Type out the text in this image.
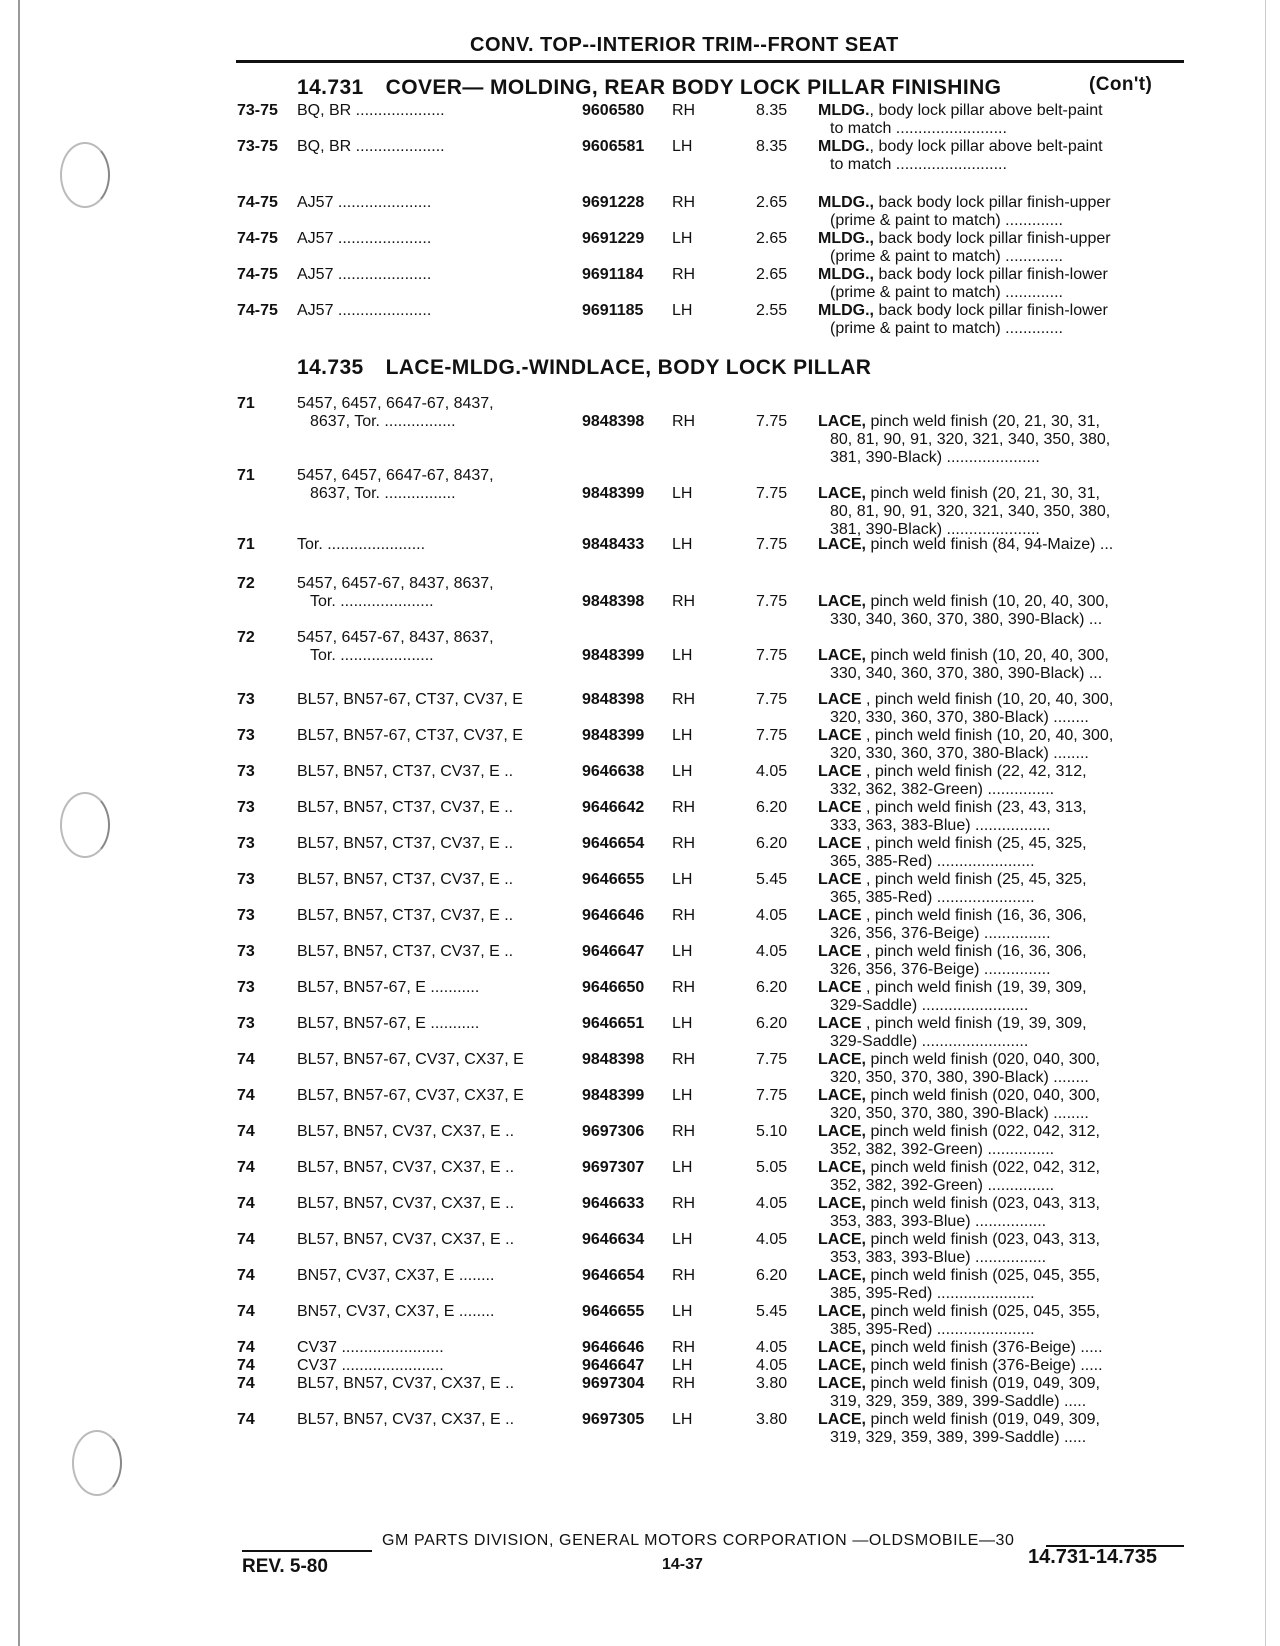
CONV. TOP--INTERIOR TRIM--FRONT SEAT
14.731 COVER— MOLDING, REAR BODY LOCK PILLAR FINISHING	(Con't)
14.735 LACE-MLDG.-WINDLACE, BODY LOCK PILLAR
73-75 BQ, BR ....................	9606580 RH	8.35 MLDG., body lock pillar above belt-paint
to match .........................
73-75 BQ, BR ....................	9606581 LH	8.35 MLDG., body lock pillar above belt-paint
to match .........................
74-75 AJ57 .....................	9691228 RH	2.65 MLDG., back body lock pillar finish-upper
(prime & paint to match) .............
74-75 AJ57 .....................	9691229 LH	2.65 MLDG., back body lock pillar finish-upper
(prime & paint to match) .............
74-75 AJ57 .....................	9691184 RH	2.65 MLDG., back body lock pillar finish-lower
(prime & paint to match) .............
74-75 AJ57 .....................	9691185 LH	2.55 MLDG., back body lock pillar finish-lower
(prime & paint to match) .............
71	5457, 6457, 6647-67, 8437,
8637, Tor. ................	9848398 RH	7.75 LACE, pinch weld finish (20, 21, 30, 31,
80, 81, 90, 91, 320, 321, 340, 350, 380,
381, 390-Black) .....................
71	5457, 6457, 6647-67, 8437,
8637, Tor. ................	9848399 LH	7.75 LACE, pinch weld finish (20, 21, 30, 31,
80, 81, 90, 91, 320, 321, 340, 350, 380,
381, 390-Black) .....................
71	Tor. ......................	9848433 LH	7.75 LACE, pinch weld finish (84, 94-Maize) ...
72	5457, 6457-67, 8437, 8637,
Tor. .....................	9848398 RH	7.75 LACE, pinch weld finish (10, 20, 40, 300,
330, 340, 360, 370, 380, 390-Black) ...
72	5457, 6457-67, 8437, 8637,
Tor. .....................	9848399 LH	7.75 LACE, pinch weld finish (10, 20, 40, 300,
330, 340, 360, 370, 380, 390-Black) ...
73	BL57, BN57-67, CT37, CV37, E	9848398 RH	7.75 LACE , pinch weld finish (10, 20, 40, 300,
320, 330, 360, 370, 380-Black) ........
73	BL57, BN57-67, CT37, CV37, E	9848399 LH	7.75 LACE , pinch weld finish (10, 20, 40, 300,
320, 330, 360, 370, 380-Black) ........
73	BL57, BN57, CT37, CV37, E ..	9646638 LH	4.05 LACE , pinch weld finish (22, 42, 312,
332, 362, 382-Green) ...............
73	BL57, BN57, CT37, CV37, E ..	9646642 RH	6.20 LACE , pinch weld finish (23, 43, 313,
333, 363, 383-Blue) .................
73	BL57, BN57, CT37, CV37, E ..	9646654 RH	6.20 LACE , pinch weld finish (25, 45, 325,
365, 385-Red) ......................
73	BL57, BN57, CT37, CV37, E ..	9646655 LH	5.45 LACE , pinch weld finish (25, 45, 325,
365, 385-Red) ......................
73	BL57, BN57, CT37, CV37, E ..	9646646 RH	4.05 LACE , pinch weld finish (16, 36, 306,
326, 356, 376-Beige) ...............
73	BL57, BN57, CT37, CV37, E ..	9646647 LH	4.05 LACE , pinch weld finish (16, 36, 306,
326, 356, 376-Beige) ...............
73	BL57, BN57-67, E ...........	9646650 RH	6.20 LACE , pinch weld finish (19, 39, 309,
329-Saddle) ........................
73	BL57, BN57-67, E ...........	9646651 LH	6.20 LACE , pinch weld finish (19, 39, 309,
329-Saddle) ........................
74	BL57, BN57-67, CV37, CX37, E	9848398 RH	7.75 LACE, pinch weld finish (020, 040, 300,
320, 350, 370, 380, 390-Black) ........
74	BL57, BN57-67, CV37, CX37, E	9848399 LH	7.75 LACE, pinch weld finish (020, 040, 300,
320, 350, 370, 380, 390-Black) ........
74	BL57, BN57, CV37, CX37, E ..	9697306 RH	5.10 LACE, pinch weld finish (022, 042, 312,
352, 382, 392-Green) ...............
74	BL57, BN57, CV37, CX37, E ..	9697307 LH	5.05 LACE, pinch weld finish (022, 042, 312,
352, 382, 392-Green) ...............
74	BL57, BN57, CV37, CX37, E ..	9646633 RH	4.05 LACE, pinch weld finish (023, 043, 313,
353, 383, 393-Blue) ................
74	BL57, BN57, CV37, CX37, E ..	9646634 LH	4.05 LACE, pinch weld finish (023, 043, 313,
353, 383, 393-Blue) ................
74	BN57, CV37, CX37, E ........	9646654 RH	6.20 LACE, pinch weld finish (025, 045, 355,
385, 395-Red) ......................
74	BN57, CV37, CX37, E ........	9646655 LH	5.45 LACE, pinch weld finish (025, 045, 355,
385, 395-Red) ......................
74	CV37 .......................	9646646 RH	4.05 LACE, pinch weld finish (376-Beige) .....
74	CV37 .......................	9646647 LH	4.05 LACE, pinch weld finish (376-Beige) .....
74	BL57, BN57, CV37, CX37, E ..	9697304 RH	3.80 LACE, pinch weld finish (019, 049, 309,
319, 329, 359, 389, 399-Saddle) .....
74	BL57, BN57, CV37, CX37, E ..	9697305 LH	3.80 LACE, pinch weld finish (019, 049, 309,
319, 329, 359, 389, 399-Saddle) .....
GM PARTS DIVISION, GENERAL MOTORS CORPORATION —OLDSMOBILE—30
REV. 5-80	14-37	14.731-14.735
